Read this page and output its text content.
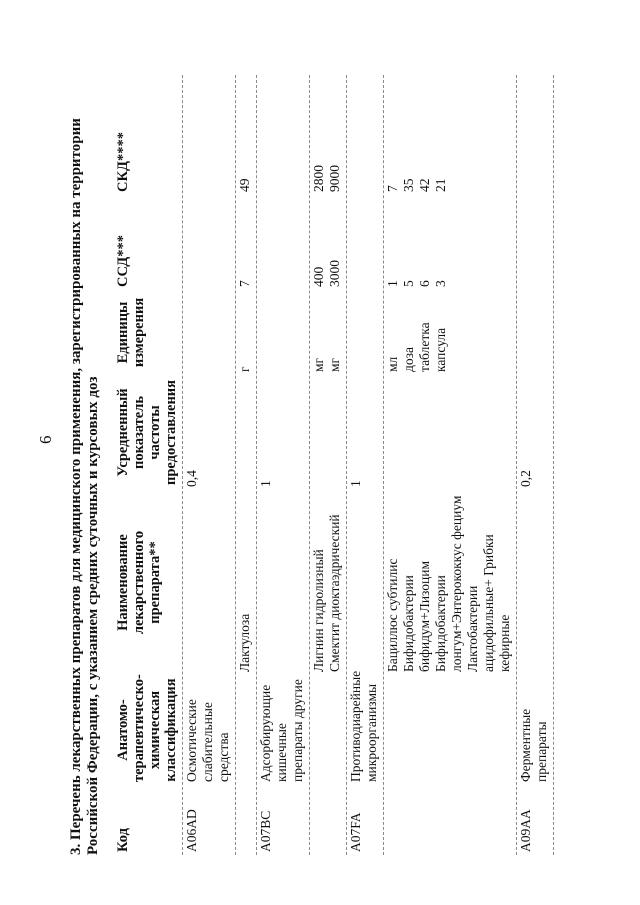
6 3. Перечень лекарственных препаратов для медицинского применения, зарегистрированных на территории Российской Федерации, с указанием средних суточных и курсовых доз Код
Анатомо-терапевтическо-химическая классификация
Наименование лекарственного препарата**
Усредненный показатель частоты предоставления
Единицы измерения
ССД***
СКД****
A06AD
Осмотические слабительные средства
0,4
Лактулоза
г
7
49
A07BC
Адсорбирующие кишечные препараты другие
1
Лигнин гидролизный Смектит диоктаэдрический
мг мг
400 3000
2800 9000
A07FA
Противодиарейные микроорганизмы
1
Бациллюс субтилис Бифидобактерии бифидум+Лизоцим Бифидобактерии лонгум+Энтерококкус фециум Лактобактерии ацидофильные+ Грибки кефирные
мл доза таблетка капсула
1 5 6 3
7 35 42 21
A09AA
Ферментные препараты
0,2
